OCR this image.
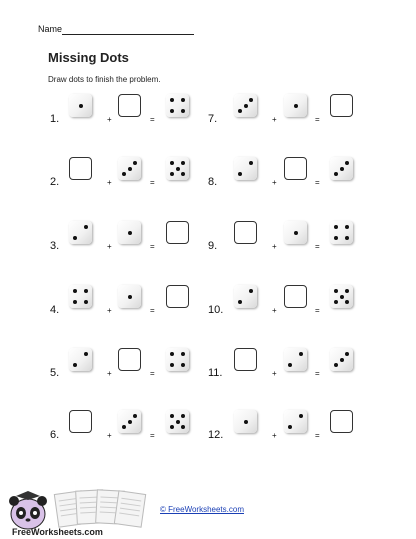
Name
Missing Dots
Draw dots to finish the problem.
1.	+	=
2.	+	=
3.	+	=
4.	+	=
5.	+	=
6.	+	=
7.	+	=
8.	+	=
9.	+	=
10.	+	=
11.	+	=
12.	+	=
FreeWorksheets.com
© FreeWorksheets.com
